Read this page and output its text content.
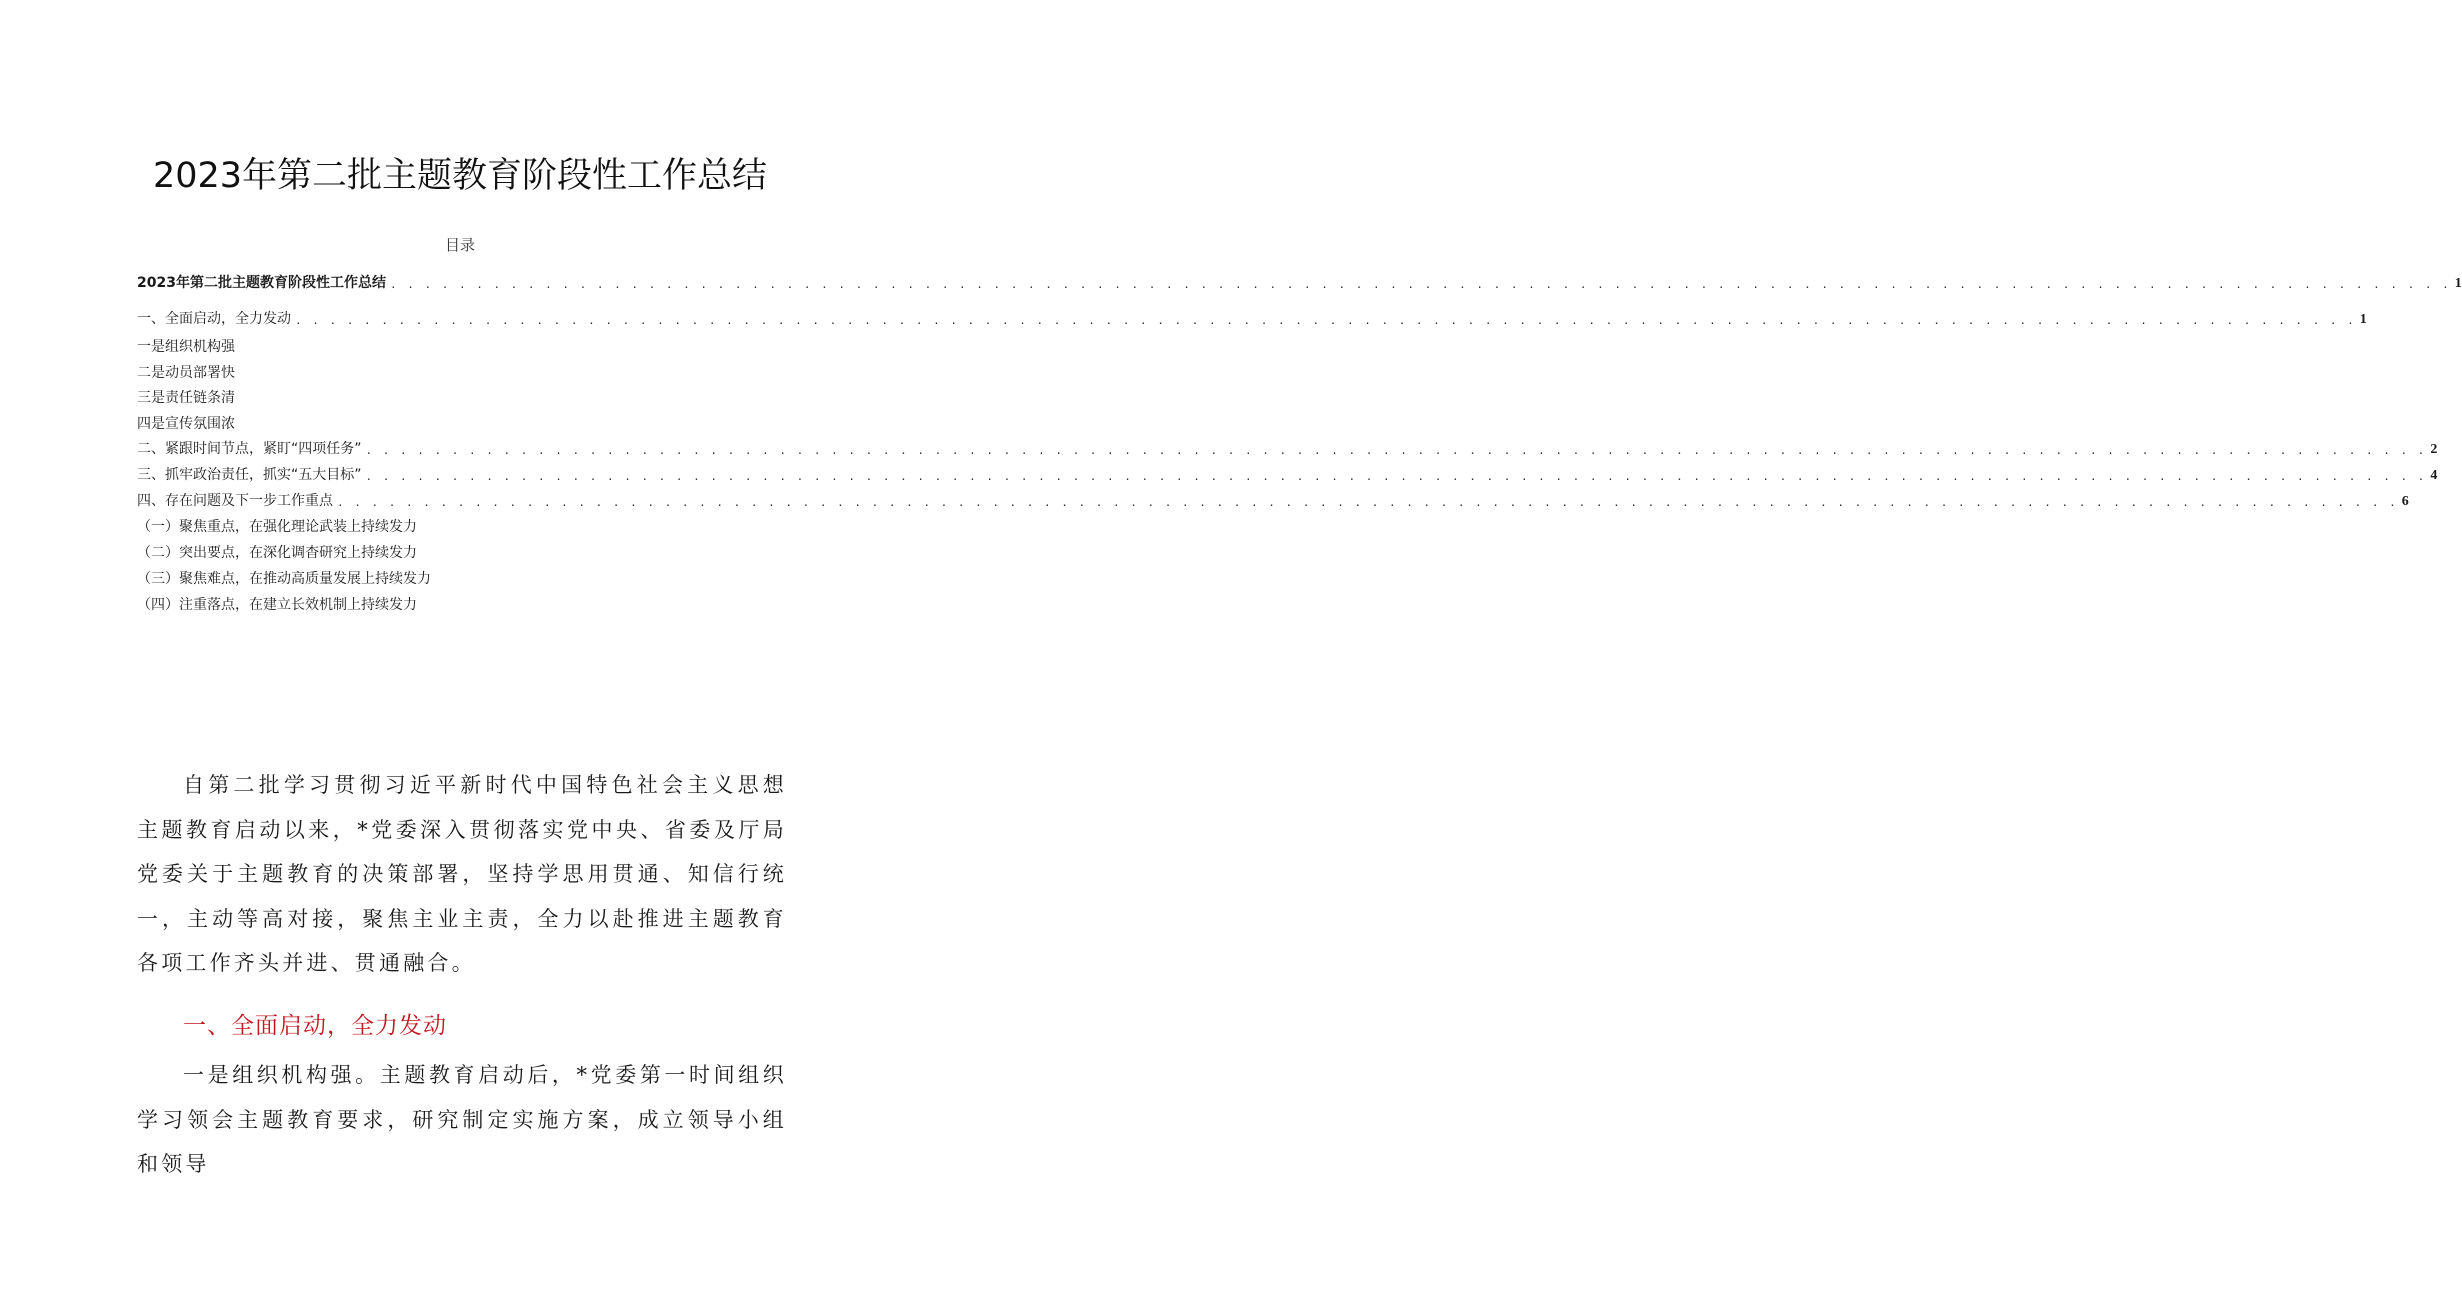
2023年第二批主题教育阶段性工作总结
目录
2023年第二批主题教育阶段性工作总结 . . . . . . . . . . . . . . . . . . . . . . . . . . . . . . . . . . . . . . . . . . . . . . . . . . . . . . . . . . . . . . . . . . . . . . . . . . . . . . . . . . . . . . . . . . . . . . . . . . . . . . . . . . . . . . . . . . . . . . . . 1
一、全面启动，全力发动 . . . . . . . . . . . . . . . . . . . . . . . . . . . . . . . . . . . . . . . . . . . . . . . . . . . . . . . . . . . . . . . . . . . . . . . . . . . . . . . . . . . . . . . . . . . . . . . . . . . . . . . . . . . . . . . . . . . . . . . . 1
一是组织机构强
二是动员部署快
三是责任链条清
四是宣传氛围浓
二、紧跟时间节点，紧盯“四项任务” . . . . . . . . . . . . . . . . . . . . . . . . . . . . . . . . . . . . . . . . . . . . . . . . . . . . . . . . . . . . . . . . . . . . . . . . . . . . . . . . . . . . . . . . . . . . . . . . . . . . . . . . . . . . . . . . . . . . . . . . 2
三、抓牢政治责任，抓实“五大目标” . . . . . . . . . . . . . . . . . . . . . . . . . . . . . . . . . . . . . . . . . . . . . . . . . . . . . . . . . . . . . . . . . . . . . . . . . . . . . . . . . . . . . . . . . . . . . . . . . . . . . . . . . . . . . . . . . . . . . . . . 4
四、存在问题及下一步工作重点 . . . . . . . . . . . . . . . . . . . . . . . . . . . . . . . . . . . . . . . . . . . . . . . . . . . . . . . . . . . . . . . . . . . . . . . . . . . . . . . . . . . . . . . . . . . . . . . . . . . . . . . . . . . . . . . . . . . . . . . . 6
（一）聚焦重点，在强化理论武装上持续发力
（二）突出要点，在深化调杳研究上持续发力
（三）聚焦难点，在推动高质量发展上持续发力
（四）注重落点，在建立长效机制上持续发力
自第二批学习贯彻习近平新时代中国特色社会主义思想主题教育启动以来，*党委深入贯彻落实党中央、省委及厅局党委关于主题教育的决策部署，坚持学思用贯通、知信行统一，主动等高对接，聚焦主业主责，全力以赴推进主题教育各项工作齐头并进、贯通融合。
一、全面启动，全力发动
一是组织机构强。主题教育启动后，*党委第一时间组织学习领会主题教育要求，研究制定实施方案，成立领导小组和领导
